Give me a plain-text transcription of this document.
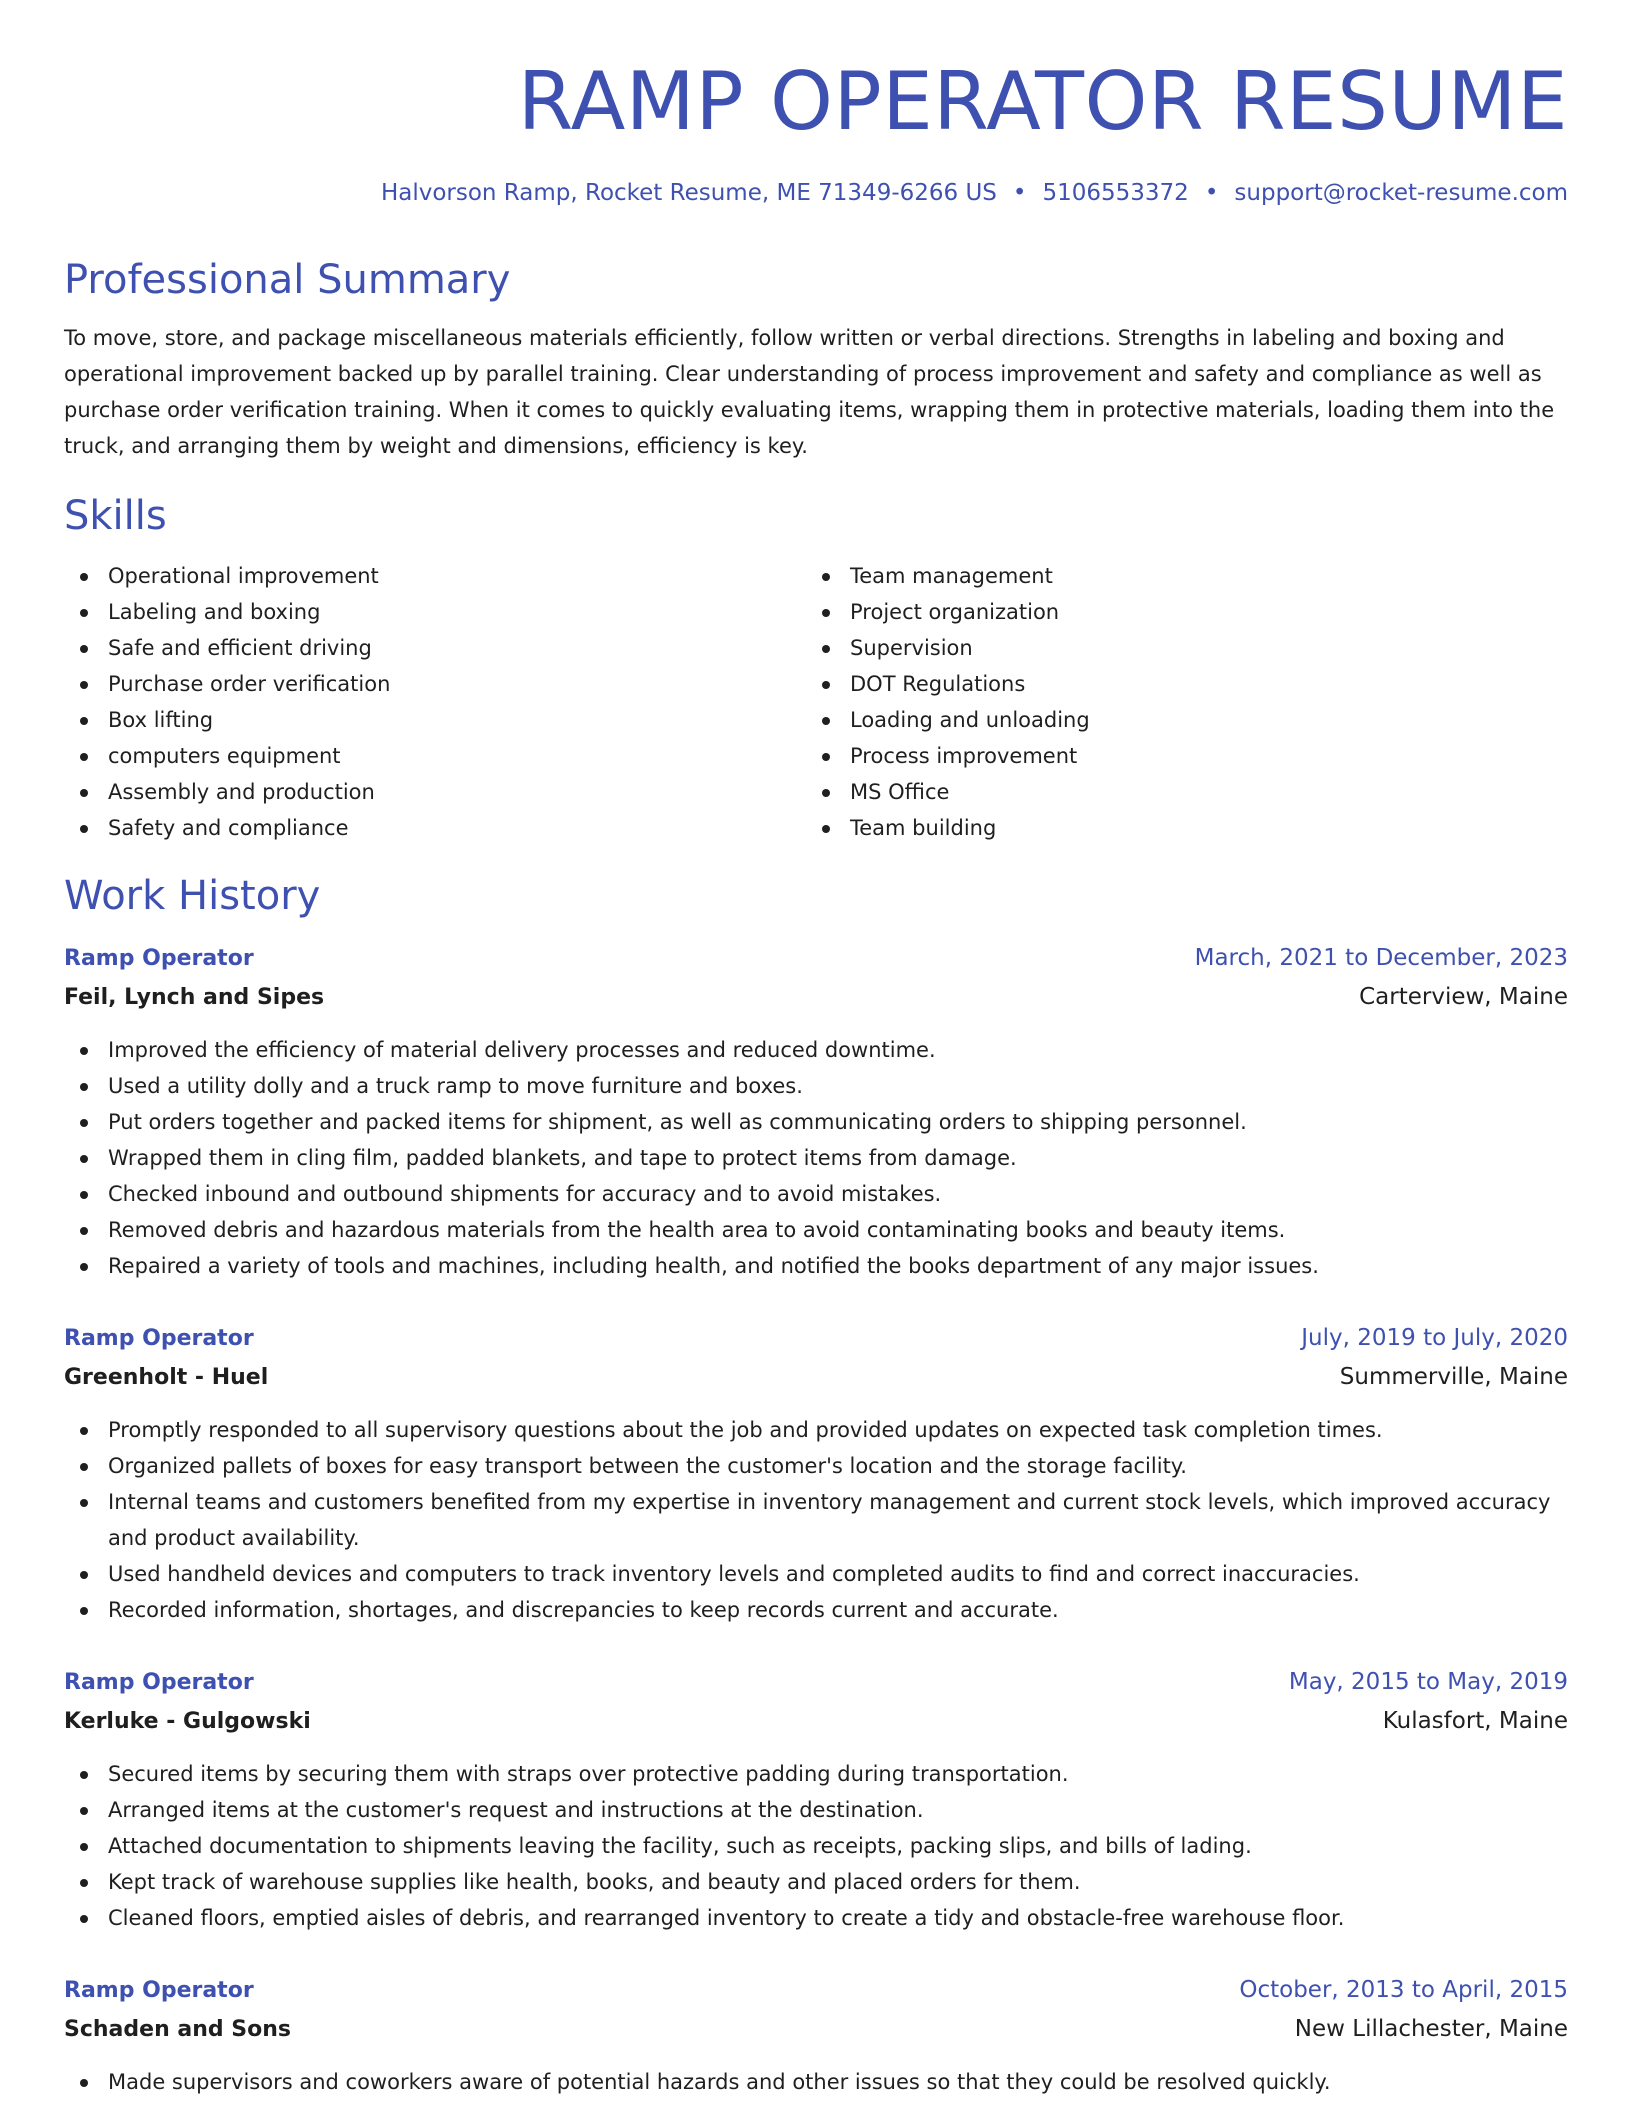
RAMP OPERATOR RESUME
Halvorson Ramp, Rocket Resume, ME 71349-6266 US • 5106553372 • support@rocket-resume.com
Professional Summary

To move, store, and package miscellaneous materials efficiently, follow written or verbal directions. Strengths in labeling and boxing and operational improvement backed up by parallel training. Clear understanding of process improvement and safety and compliance as well as purchase order verification training. When it comes to quickly evaluating items, wrapping them in protective materials, loading them into the truck, and arranging them by weight and dimensions, efficiency is key.

Skills
Operational improvement
Labeling and boxing
Safe and efficient driving
Purchase order verification
Box lifting
computers equipment
Assembly and production
Safety and compliance
Team management
Project organization
Supervision
DOT Regulations
Loading and unloading
Process improvement
MS Office
Team building
Work History
Ramp Operator	March, 2021 to December, 2023
Feil, Lynch and Sipes	Carterview, Maine
Improved the efficiency of material delivery processes and reduced downtime.
Used a utility dolly and a truck ramp to move furniture and boxes.
Put orders together and packed items for shipment, as well as communicating orders to shipping personnel.
Wrapped them in cling film, padded blankets, and tape to protect items from damage.
Checked inbound and outbound shipments for accuracy and to avoid mistakes.
Removed debris and hazardous materials from the health area to avoid contaminating books and beauty items.
Repaired a variety of tools and machines, including health, and notified the books department of any major issues.
Ramp Operator	July, 2019 to July, 2020
Greenholt - Huel	Summerville, Maine
Promptly responded to all supervisory questions about the job and provided updates on expected task completion times.
Organized pallets of boxes for easy transport between the customer's location and the storage facility.
Internal teams and customers benefited from my expertise in inventory management and current stock levels, which improved accuracy and product availability.
Used handheld devices and computers to track inventory levels and completed audits to find and correct inaccuracies.
Recorded information, shortages, and discrepancies to keep records current and accurate.
Ramp Operator	May, 2015 to May, 2019
Kerluke - Gulgowski	Kulasfort, Maine
Secured items by securing them with straps over protective padding during transportation.
Arranged items at the customer's request and instructions at the destination.
Attached documentation to shipments leaving the facility, such as receipts, packing slips, and bills of lading.
Kept track of warehouse supplies like health, books, and beauty and placed orders for them.
Cleaned floors, emptied aisles of debris, and rearranged inventory to create a tidy and obstacle-free warehouse floor.
Ramp Operator	October, 2013 to April, 2015
Schaden and Sons	New Lillachester, Maine
Made supervisors and coworkers aware of potential hazards and other issues so that they could be resolved quickly.
